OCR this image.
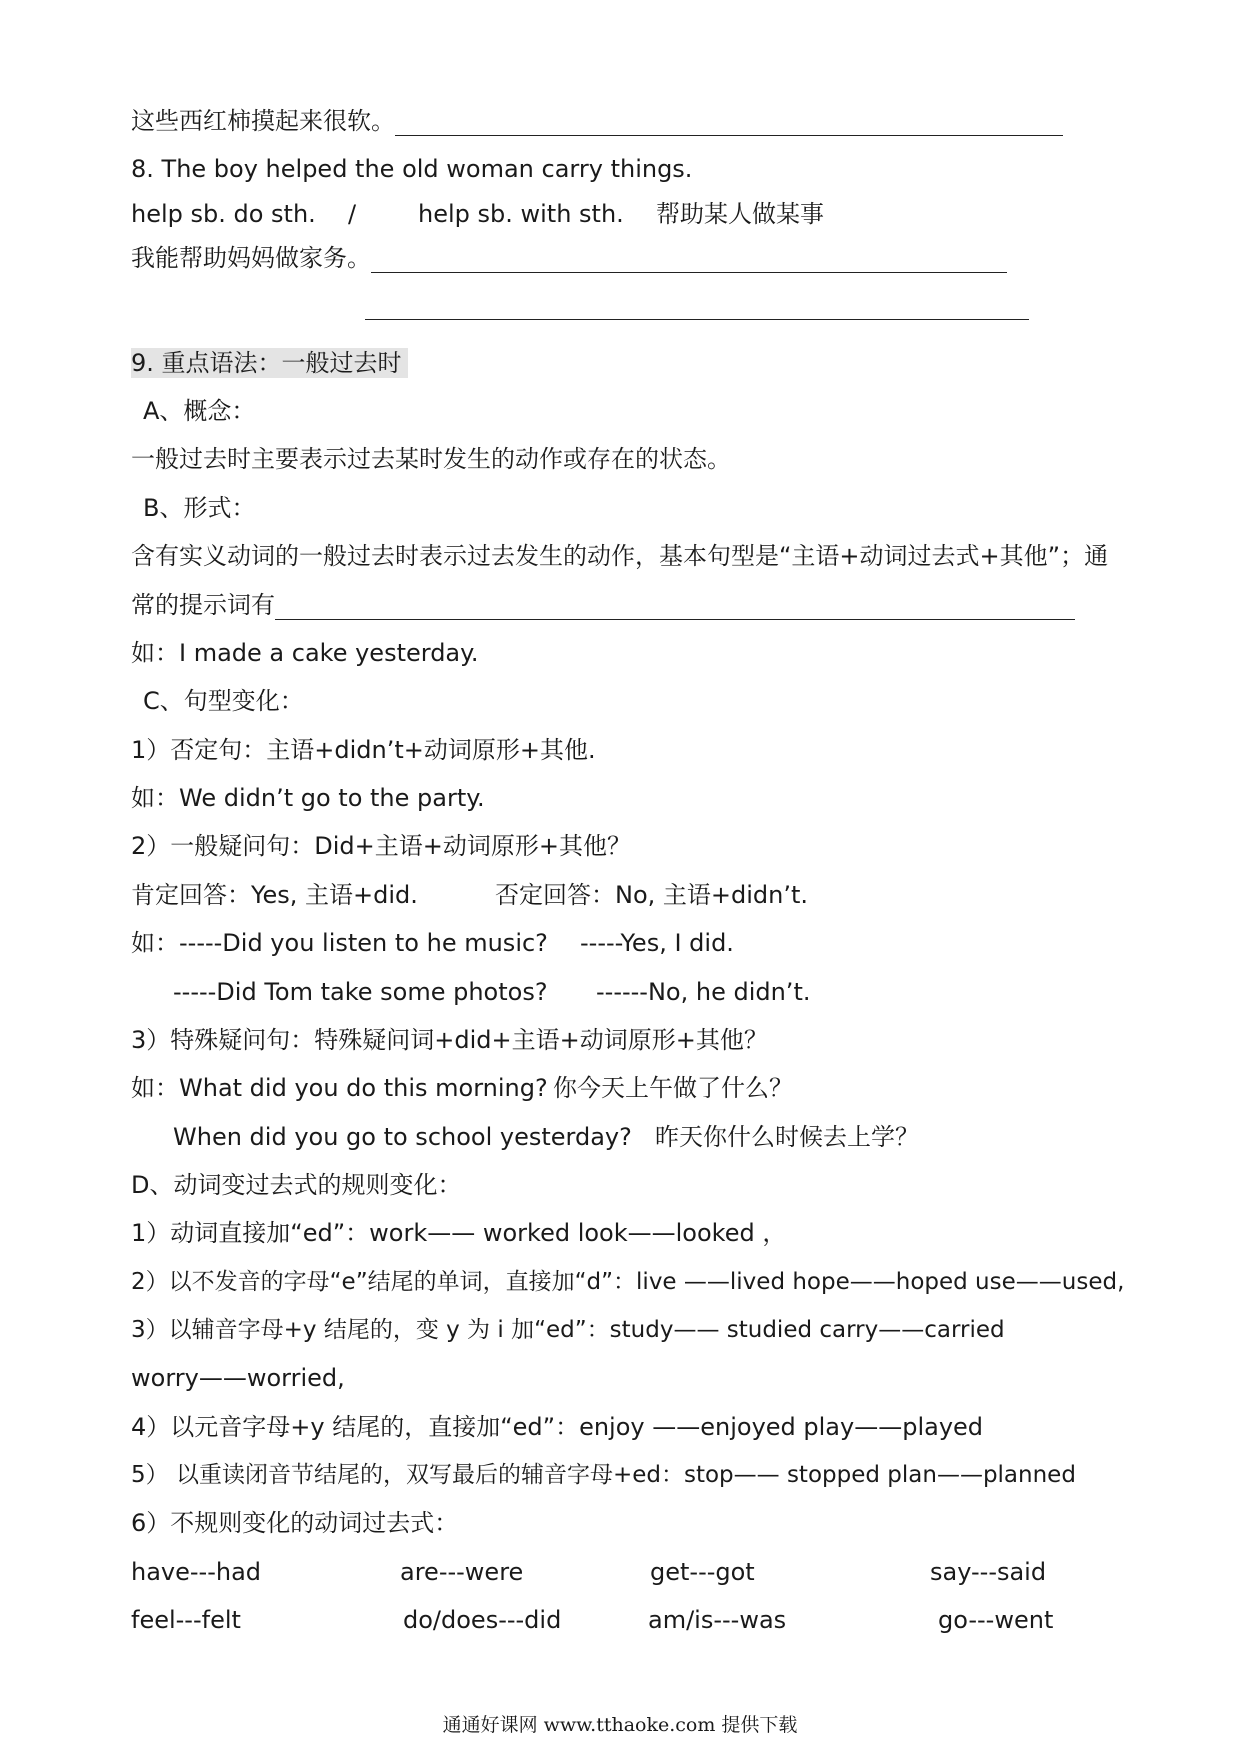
这些西红柿摸起来很软。
8. The boy helped the old woman carry things.
help sb. do sth. /	help sb. with sth. 帮助某人做某事
我能帮助妈妈做家务。
9. 重点语法：一般过去时
A、概念：
一般过去时主要表示过去某时发生的动作或存在的状态。
B、形式：
含有实义动词的一般过去时表示过去发生的动作，基本句型是“主语+动词过去式+其他”；通
常的提示词有
如：I made a cake yesterday.
C、句型变化：
1）否定句：主语+didn’t+动词原形+其他.
如：We didn’t go to the party.
2）一般疑问句：Did+主语+动词原形+其他？
肯定回答：Yes, 主语+did.	否定回答：No, 主语+didn’t.
如：-----Did you listen to he music? -----Yes, I did.
-----Did Tom take some photos? ------No, he didn’t.
3）特殊疑问句：特殊疑问词+did+主语+动词原形+其他？
如：What did you do this morning? 你今天上午做了什么？
When did you go to school yesterday? 昨天你什么时候去上学？
D、动词变过去式的规则变化：
1）动词直接加“ed”：work—— worked look——looked ，
2）以不发音的字母“e”结尾的单词，直接加“d”：live ——lived hope——hoped use——used,
3）以辅音字母+y 结尾的，变 y 为 i 加“ed”：study—— studied carry——carried
worry——worried,
4）以元音字母+y 结尾的，直接加“ed”：enjoy ——enjoyed play——played
5） 以重读闭音节结尾的，双写最后的辅音字母+ed：stop—— stopped plan——planned
6）不规则变化的动词过去式：
have---had	are---were	get---got	say---said
feel---felt	do/does---did	am/is---was	go---went
通通好课网 www.tthaoke.com 提供下载
